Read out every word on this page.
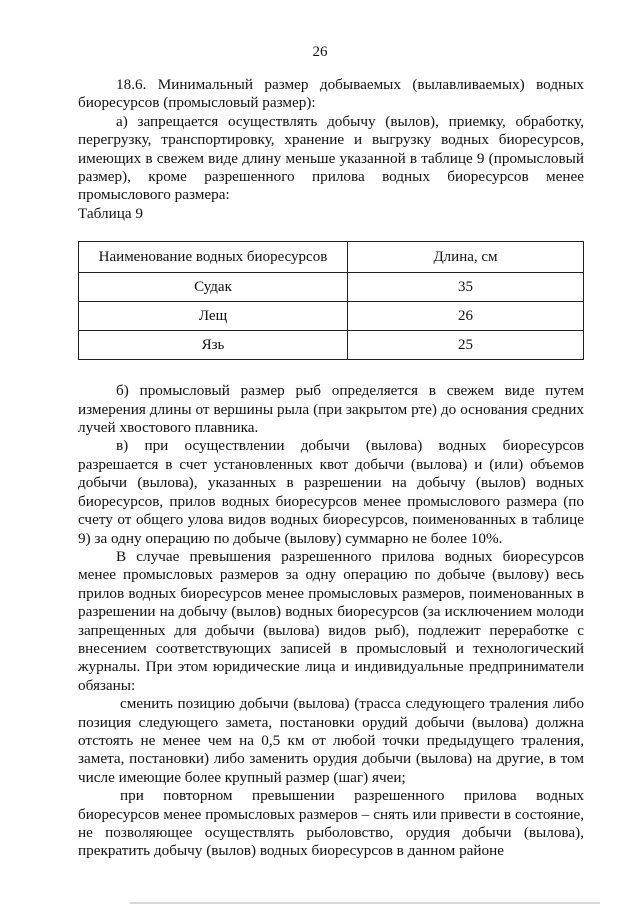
26

18.6. Минимальный размер добываемых (вылавливаемых) водных биоресурсов (промысловый размер):

а) запрещается осуществлять добычу (вылов), приемку, обработку, перегрузку, транспортировку, хранение и выгрузку водных биоресурсов, имеющих в свежем виде длину меньше указанной в таблице 9 (промысловый размер), кроме разрешенного прилова водных биоресурсов менее промыслового размера:

Таблица 9

Наименование водных биоресурсов	Длина, см
Судак	35
Лещ	26
Язь	25

б) промысловый размер рыб определяется в свежем виде путем измерения длины от вершины рыла (при закрытом рте) до основания средних лучей хвостового плавника.

в) при осуществлении добычи (вылова) водных биоресурсов разрешается в счет установленных квот добычи (вылова) и (или) объемов добычи (вылова), указанных в разрешении на добычу (вылов) водных биоресурсов, прилов водных биоресурсов менее промыслового размера (по счету от общего улова видов водных биоресурсов, поименованных в таблице 9) за одну операцию по добыче (вылову) суммарно не более 10%.

В случае превышения разрешенного прилова водных биоресурсов менее промысловых размеров за одну операцию по добыче (вылову) весь прилов водных биоресурсов менее промысловых размеров, поименованных в разрешении на добычу (вылов) водных биоресурсов (за исключением молоди запрещенных для добычи (вылова) видов рыб), подлежит переработке с внесением соответствующих записей в промысловый и технологический журналы. При этом юридические лица и индивидуальные предприниматели обязаны:

сменить позицию добычи (вылова) (трасса следующего траления либо позиция следующего замета, постановки орудий добычи (вылова) должна отстоять не менее чем на 0,5 км от любой точки предыдущего траления, замета, постановки) либо заменить орудия добычи (вылова) на другие, в том числе имеющие более крупный размер (шаг) ячеи;

при повторном превышении разрешенного прилова водных биоресурсов менее промысловых размеров – снять или привести в состояние, не позволяющее осуществлять рыболовство, орудия добычи (вылова), прекратить добычу (вылов) водных биоресурсов в данном районе
